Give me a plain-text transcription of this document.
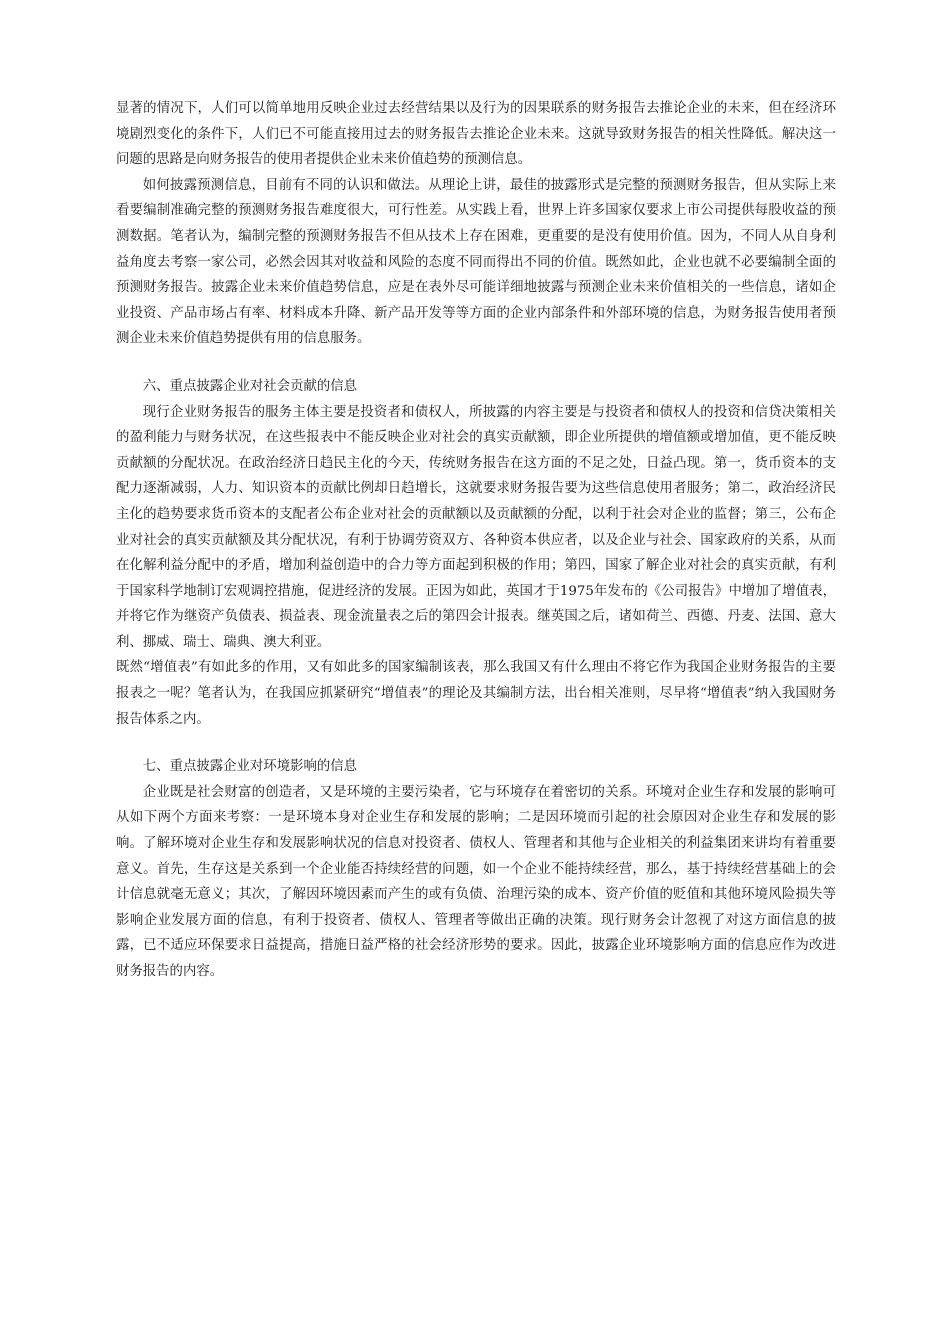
显著的情况下，人们可以简单地用反映企业过去经营结果以及行为的因果联系的财务报告去推论企业的未来，但在经济环境剧烈变化的条件下，人们已不可能直接用过去的财务报告去推论企业未来。这就导致财务报告的相关性降低。解决这一问题的思路是向财务报告的使用者提供企业未来价值趋势的预测信息。

如何披露预测信息，目前有不同的认识和做法。从理论上讲，最佳的披露形式是完整的预测财务报告，但从实际上来看要编制准确完整的预测财务报告难度很大，可行性差。从实践上看，世界上许多国家仅要求上市公司提供每股收益的预测数据。笔者认为，编制完整的预测财务报告不但从技术上存在困难，更重要的是没有使用价值。因为，不同人从自身利益角度去考察一家公司，必然会因其对收益和风险的态度不同而得出不同的价值。既然如此，企业也就不必要编制全面的预测财务报告。披露企业未来价值趋势信息，应是在表外尽可能详细地披露与预测企业未来价值相关的一些信息，诸如企业投资、产品市场占有率、材料成本升降、新产品开发等等方面的企业内部条件和外部环境的信息，为财务报告使用者预测企业未来价值趋势提供有用的信息服务。

六、重点披露企业对社会贡献的信息

现行企业财务报告的服务主体主要是投资者和债权人，所披露的内容主要是与投资者和债权人的投资和信贷决策相关的盈利能力与财务状况，在这些报表中不能反映企业对社会的真实贡献额，即企业所提供的增值额或增加值，更不能反映贡献额的分配状况。在政治经济日趋民主化的今天，传统财务报告在这方面的不足之处，日益凸现。第一，货币资本的支配力逐渐减弱，人力、知识资本的贡献比例却日趋增长，这就要求财务报告要为这些信息使用者服务；第二，政治经济民主化的趋势要求货币资本的支配者公布企业对社会的贡献额以及贡献额的分配，以利于社会对企业的监督；第三，公布企业对社会的真实贡献额及其分配状况，有利于协调劳资双方、各种资本供应者，以及企业与社会、国家政府的关系，从而在化解利益分配中的矛盾，增加利益创造中的合力等方面起到积极的作用；第四，国家了解企业对社会的真实贡献，有利于国家科学地制订宏观调控措施，促进经济的发展。正因为如此，英国才于1975年发布的《公司报告》中增加了增值表，并将它作为继资产负债表、损益表、现金流量表之后的第四会计报表。继英国之后，诸如荷兰、西德、丹麦、法国、意大利、挪威、瑞士、瑞典、澳大利亚。

既然“增值表”有如此多的作用，又有如此多的国家编制该表，那么我国又有什么理由不将它作为我国企业财务报告的主要报表之一呢？笔者认为，在我国应抓紧研究“增值表”的理论及其编制方法，出台相关准则，尽早将“增值表”纳入我国财务报告体系之内。

七、重点披露企业对环境影响的信息

企业既是社会财富的创造者，又是环境的主要污染者，它与环境存在着密切的关系。环境对企业生存和发展的影响可从如下两个方面来考察：一是环境本身对企业生存和发展的影响；二是因环境而引起的社会原因对企业生存和发展的影响。了解环境对企业生存和发展影响状况的信息对投资者、债权人、管理者和其他与企业相关的利益集团来讲均有着重要意义。首先，生存这是关系到一个企业能否持续经营的问题，如一个企业不能持续经营，那么，基于持续经营基础上的会计信息就毫无意义；其次，了解因环境因素而产生的或有负债、治理污染的成本、资产价值的贬值和其他环境风险损失等影响企业发展方面的信息，有利于投资者、债权人、管理者等做出正确的决策。现行财务会计忽视了对这方面信息的披露，已不适应环保要求日益提高，措施日益严格的社会经济形势的要求。因此，披露企业环境影响方面的信息应作为改进财务报告的内容。
